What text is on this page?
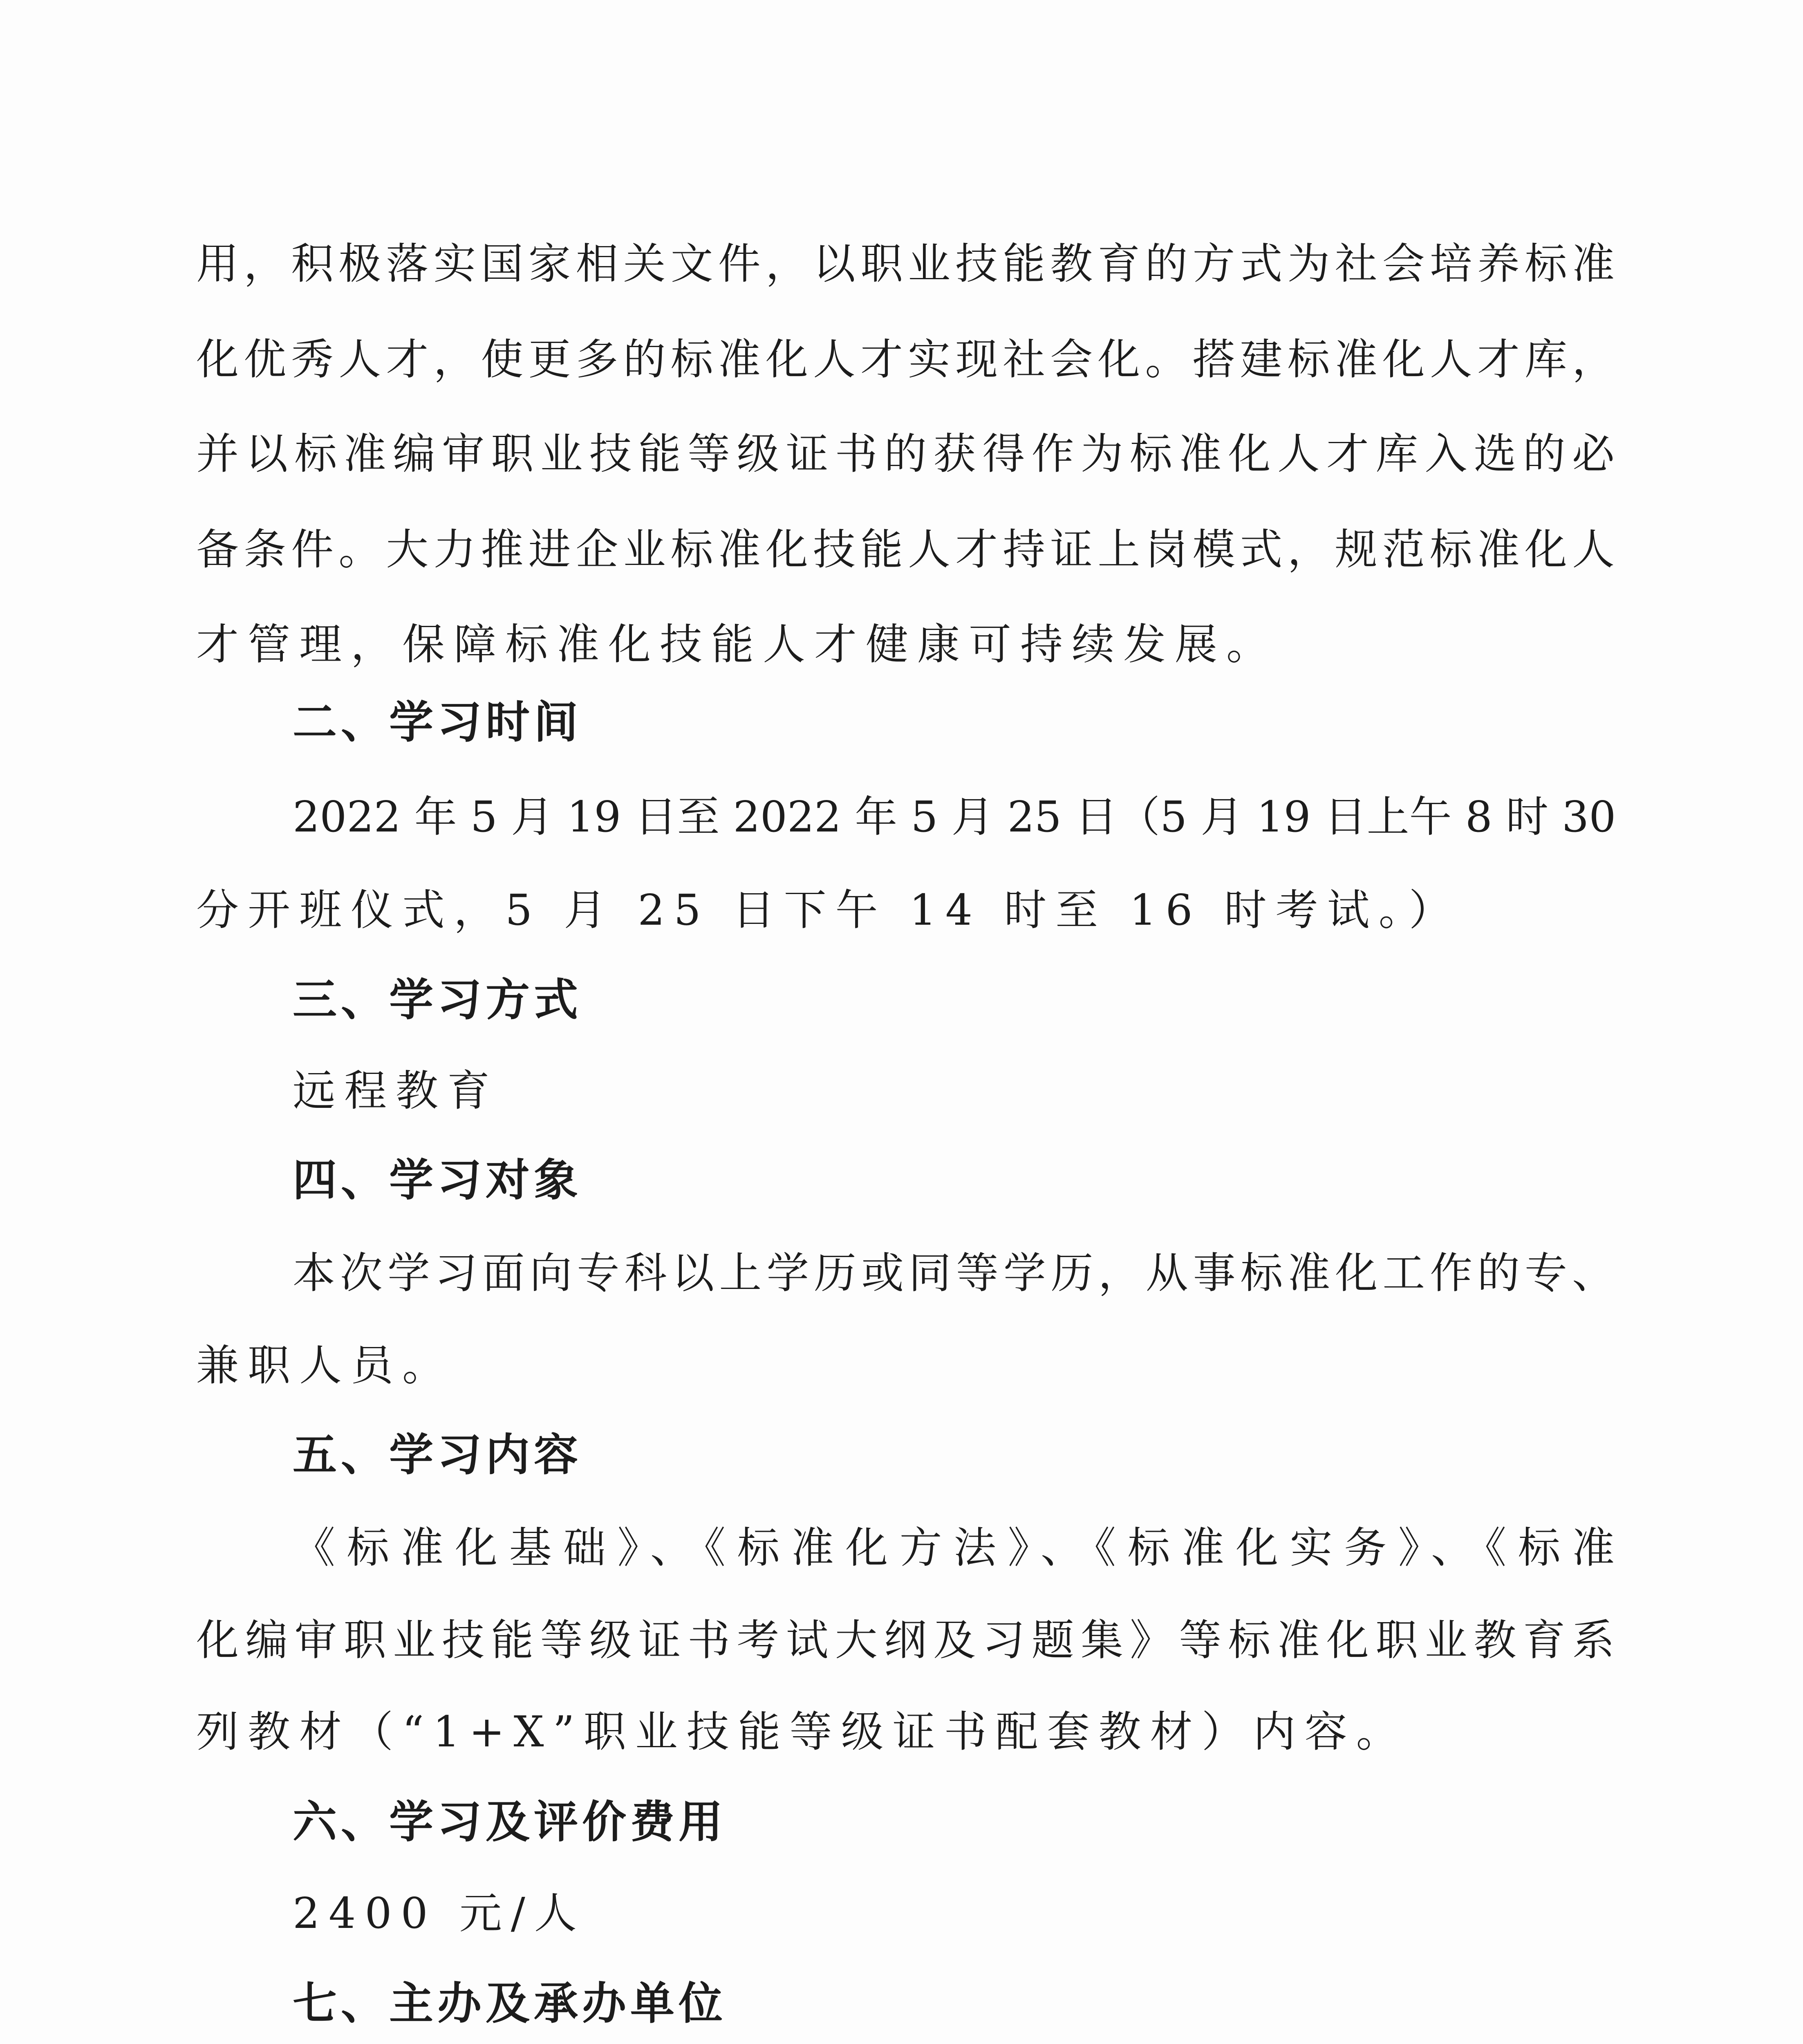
用，积极落实国家相关文件，以职业技能教育的方式为社会培养标准
化优秀人才，使更多的标准化人才实现社会化。搭建标准化人才库，
并以标准编审职业技能等级证书的获得作为标准化人才库入选的必
备条件。大力推进企业标准化技能人才持证上岗模式，规范标准化人
才管理，保障标准化技能人才健康可持续发展。
二、学习时间
2022 年 5 月 19 日至 2022 年 5 月 25 日（5 月 19 日上午 8 时 30
分开班仪式，5 月 25 日下午 14 时至 16 时考试。）
三、学习方式
远程教育
四、学习对象
本次学习面向专科以上学历或同等学历，从事标准化工作的专、
兼职人员。
五、学习内容
《标准化基础》、《标准化方法》、《标准化实务》、《标准
化编审职业技能等级证书考试大纲及习题集》等标准化职业教育系
列教材（“1+X”职业技能等级证书配套教材）内容。
六、学习及评价费用
2400 元/人
七、主办及承办单位
